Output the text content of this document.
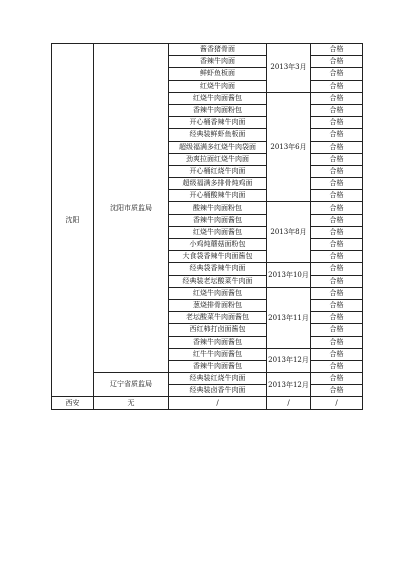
沈阳	沈阳市质监局	酱香猪骨面	2013年3月	合格
		香辣牛肉面		合格
		鲜虾鱼板面		合格
		红烧牛肉面		合格
		红烧牛肉面酱包	2013年6月	合格
		香辣牛肉面粉包		合格
		开心桶香辣牛肉面		合格
		经典装鲜虾鱼板面		合格
		超级福满多红烧牛肉袋面		合格
		劲爽拉面红烧牛肉面		合格
		开心桶红烧牛肉面		合格
		超级福满多排骨炖鸡面		合格
		开心桶酸辣牛肉面		合格
		酸辣牛肉面粉包	2013年8月	合格
		香辣牛肉面酱包		合格
		红烧牛肉面酱包		合格
		小鸡炖蘑菇面粉包		合格
		大食袋香辣牛肉面酱包		合格
		经典袋香辣牛肉面	2013年10月	合格
		经典装老坛酸菜牛肉面		合格
		红烧牛肉面酱包	2013年11月	合格
		葱烧排骨面粉包		合格
		老坛酸菜牛肉面酱包		合格
		西红柿打卤面酱包		合格
		香辣牛肉面酱包		合格
		红牛牛肉面酱包	2013年12月	合格
		香辣牛肉面酱包		合格
	辽宁省质监局	经典装红烧牛肉面	2013年12月	合格
		经典装卤香牛肉面		合格
西安	无	/	/	/
